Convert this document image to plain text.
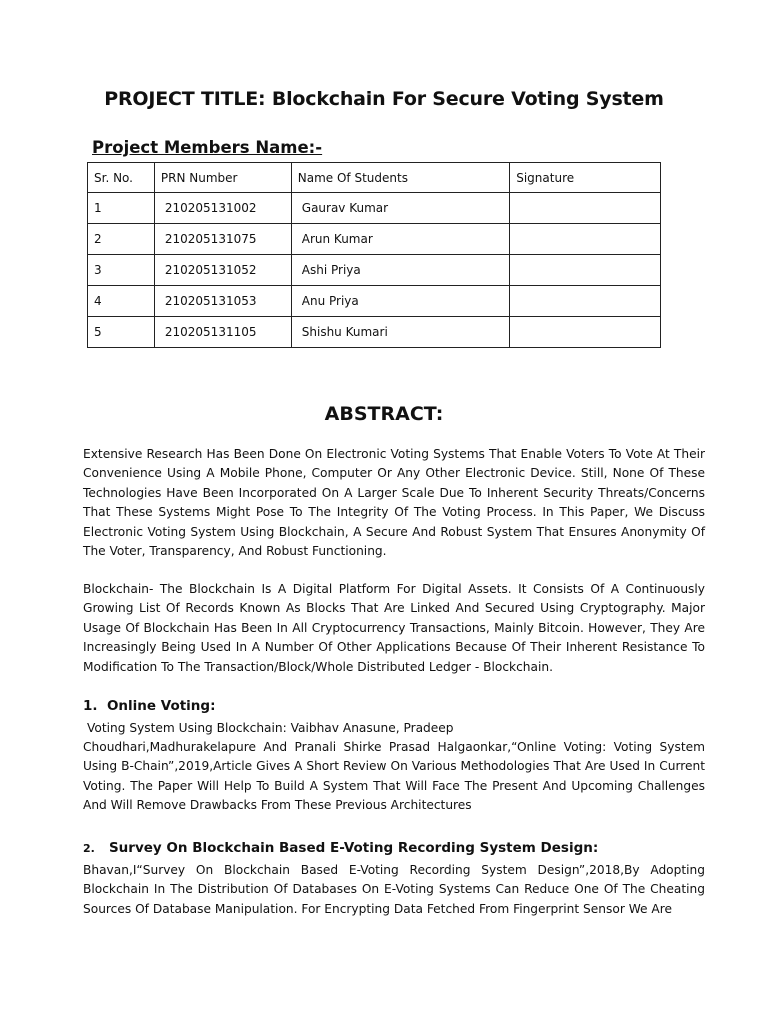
PROJECT TITLE: Blockchain For Secure Voting System
Project Members Name:-
Sr. No.	PRN Number	Name Of Students	Signature
1	210205131002	Gaurav Kumar	
2	210205131075	Arun Kumar	
3	210205131052	Ashi Priya	
4	210205131053	Anu Priya	
5	210205131105	Shishu Kumari	
ABSTRACT:
Extensive Research Has Been Done On Electronic Voting Systems That Enable Voters To Vote At Their Convenience Using A Mobile Phone, Computer Or Any Other Electronic Device. Still, None Of These Technologies Have Been Incorporated On A Larger Scale Due To Inherent Security Threats/Concerns That These Systems Might Pose To The Integrity Of The Voting Process. In This Paper, We Discuss Electronic Voting System Using Blockchain, A Secure And Robust System That Ensures Anonymity Of The Voter, Transparency, And Robust Functioning.
Blockchain- The Blockchain Is A Digital Platform For Digital Assets. It Consists Of A Continuously Growing List Of Records Known As Blocks That Are Linked And Secured Using Cryptography. Major Usage Of Blockchain Has Been In All Cryptocurrency Transactions, Mainly Bitcoin. However, They Are Increasingly Being Used In A Number Of Other Applications Because Of Their Inherent Resistance To Modification To The Transaction/Block/Whole Distributed Ledger - Blockchain.
1. Online Voting:
Voting System Using Blockchain: Vaibhav Anasune, Pradeep
Choudhari,Madhurakelapure And Pranali Shirke Prasad Halgaonkar,“Online Voting: Voting System Using B-Chain”,2019,Article Gives A Short Review On Various Methodologies That Are Used In Current Voting. The Paper Will Help To Build A System That Will Face The Present And Upcoming Challenges And Will Remove Drawbacks From These Previous Architectures
2. Survey On Blockchain Based E-Voting Recording System Design:
Bhavan,I“Survey On Blockchain Based E-Voting Recording System Design”,2018,By Adopting Blockchain In The Distribution Of Databases On E-Voting Systems Can Reduce One Of The Cheating Sources Of Database Manipulation. For Encrypting Data Fetched From Fingerprint Sensor We Are
